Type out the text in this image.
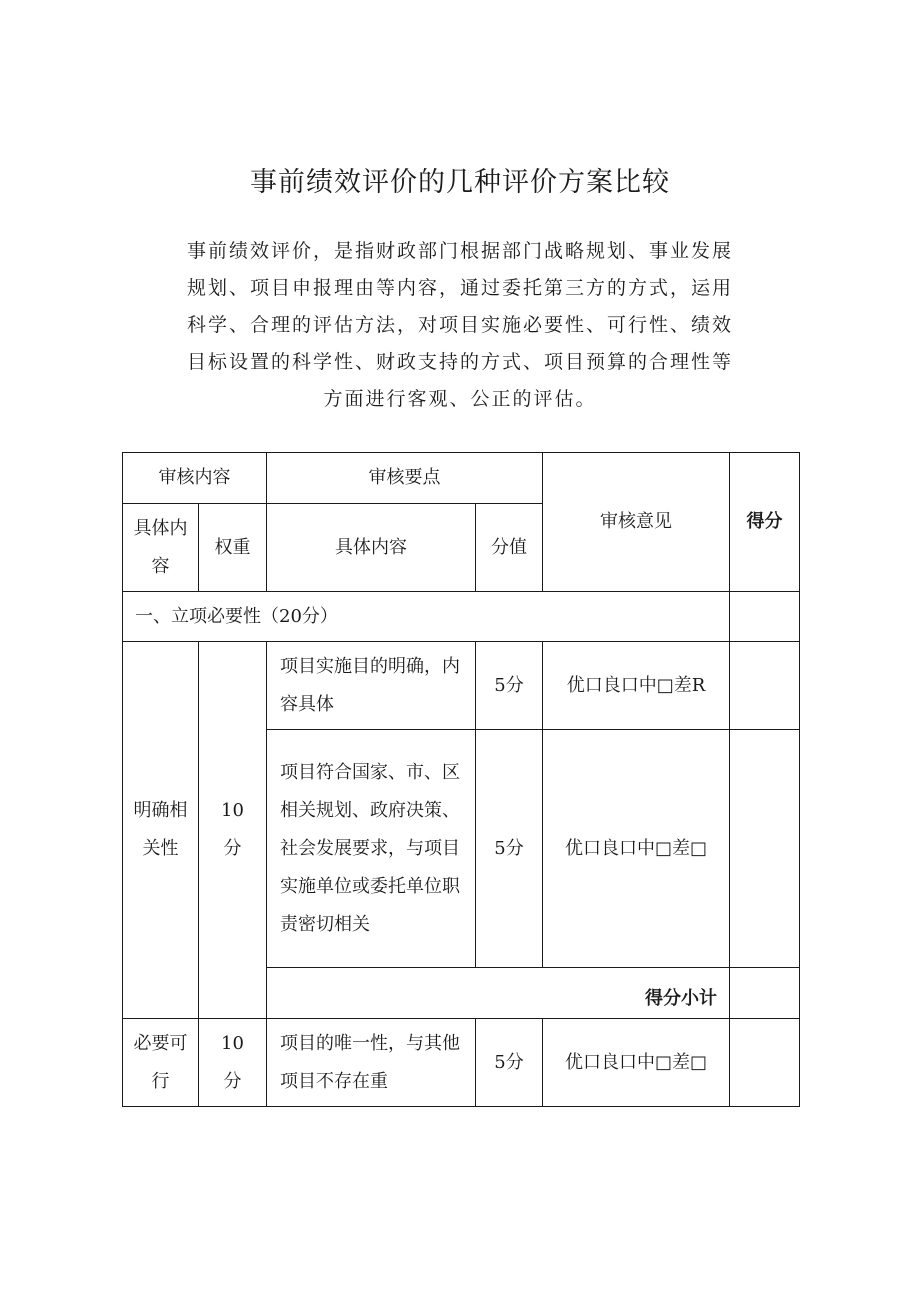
事前绩效评价的几种评价方案比较
事前绩效评价，是指财政部门根据部门战略规划、事业发展规划、项目申报理由等内容，通过委托第三方的方式，运用科学、合理的评估方法，对项目实施必要性、可行性、绩效目标设置的科学性、财政支持的方式、项目预算的合理性等方面进行客观、公正的评估。
审核内容		审核要点		审核意见	得分
具体内容	权重	具体内容	分值		
一、立项必要性（20分）					
明确相关性	10分	项目实施目的明确，内容具体	5分	优口良口中□差R	
		项目符合国家、市、区相关规划、政府决策、社会发展要求，与项目实施单位或委托单位职责密切相关	5分	优口良口中□差□	
		得分小计			
必要可行	10分	项目的唯一性，与其他项目不存在重	5分	优口良口中□差□	
